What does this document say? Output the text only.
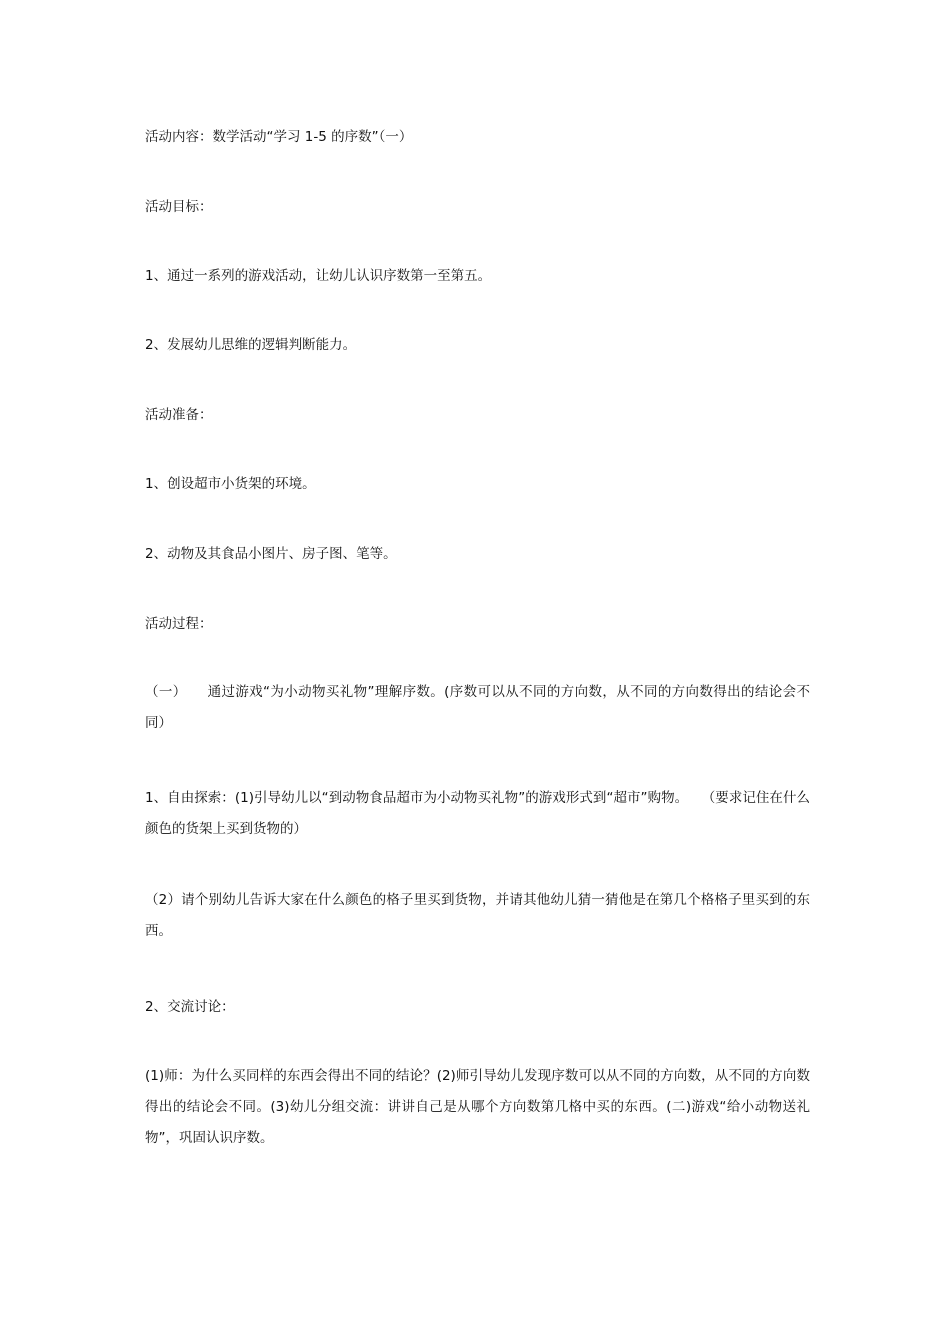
活动内容：数学活动“学习 1-5 的序数”（一）
活动目标：
1、通过一系列的游戏活动，让幼儿认识序数第一至第五。
2、发展幼儿思维的逻辑判断能力。
活动准备：
1、创设超市小货架的环境。
2、动物及其食品小图片、房子图、笔等。
活动过程：
（一）　　通过游戏“为小动物买礼物”理解序数。(序数可以从不同的方向数，从不同的方向数得出的结论会不同）
1、自由探索：(1)引导幼儿以“到动物食品超市为小动物买礼物”的游戏形式到“超市”购物。　　（要求记住在什么颜色的货架上买到货物的）
（2）请个别幼儿告诉大家在什么颜色的格子里买到货物，并请其他幼儿猜一猜他是在第几个格格子里买到的东西。
2、交流讨论：
(1)师：为什么买同样的东西会得出不同的结论？(2)师引导幼儿发现序数可以从不同的方向数，从不同的方向数得出的结论会不同。(3)幼儿分组交流：讲讲自己是从哪个方向数第几格中买的东西。(二)游戏“给小动物送礼物”，巩固认识序数。
